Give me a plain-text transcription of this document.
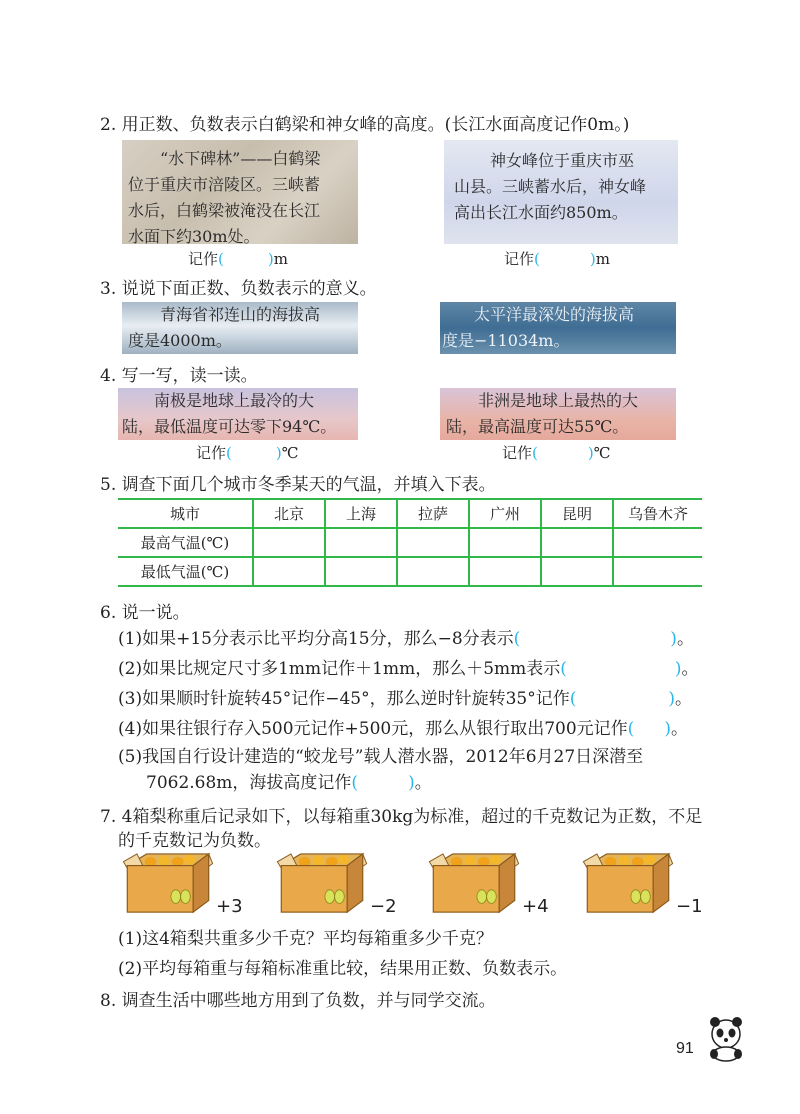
2. 用正数、负数表示白鹤梁和神女峰的高度。(长江水面高度记作0m。)
“水下碑林”——白鹤梁
位于重庆市涪陵区。三峡蓄
水后，白鹤梁被淹没在长江
水面下约30m处。
神女峰位于重庆市巫
山县。三峡蓄水后，神女峰
高出长江水面约850m。
记作(	)m	记作(	)m
3. 说说下面正数、负数表示的意义。
青海省祁连山的海拔高
度是4000m。
太平洋最深处的海拔高
度是−11034m。
4. 写一写，读一读。
南极是地球上最冷的大
陆，最低温度可达零下94℃。
非洲是地球上最热的大
陆，最高温度可达55℃。
记作(	)℃	记作(	)℃
5. 调查下面几个城市冬季某天的气温，并填入下表。
城市	北京	上海	拉萨	广州	昆明	乌鲁木齐
最高气温(℃)						
最低气温(℃)						
6. 说一说。
(1)如果+15分表示比平均分高15分，那么−8分表示(	)。
(2)如果比规定尺寸多1mm记作＋1mm，那么＋5mm表示(	)。
(3)如果顺时针旋转45°记作−45°，那么逆时针旋转35°记作(	)。
(4)如果往银行存入500元记作+500元，那么从银行取出700元记作( )。
(5)我国自行设计建造的“蛟龙号”载人潜水器，2012年6月27日深潜至
7062.68m，海拔高度记作(	)。
7. 4箱梨称重后记录如下，以每箱重30kg为标准，超过的千克数记为正数，不足
的千克数记为负数。
+3	−2	+4	−1
(1)这4箱梨共重多少千克？平均每箱重多少千克？
(2)平均每箱重与每箱标准重比较，结果用正数、负数表示。
8. 调查生活中哪些地方用到了负数，并与同学交流。
91
